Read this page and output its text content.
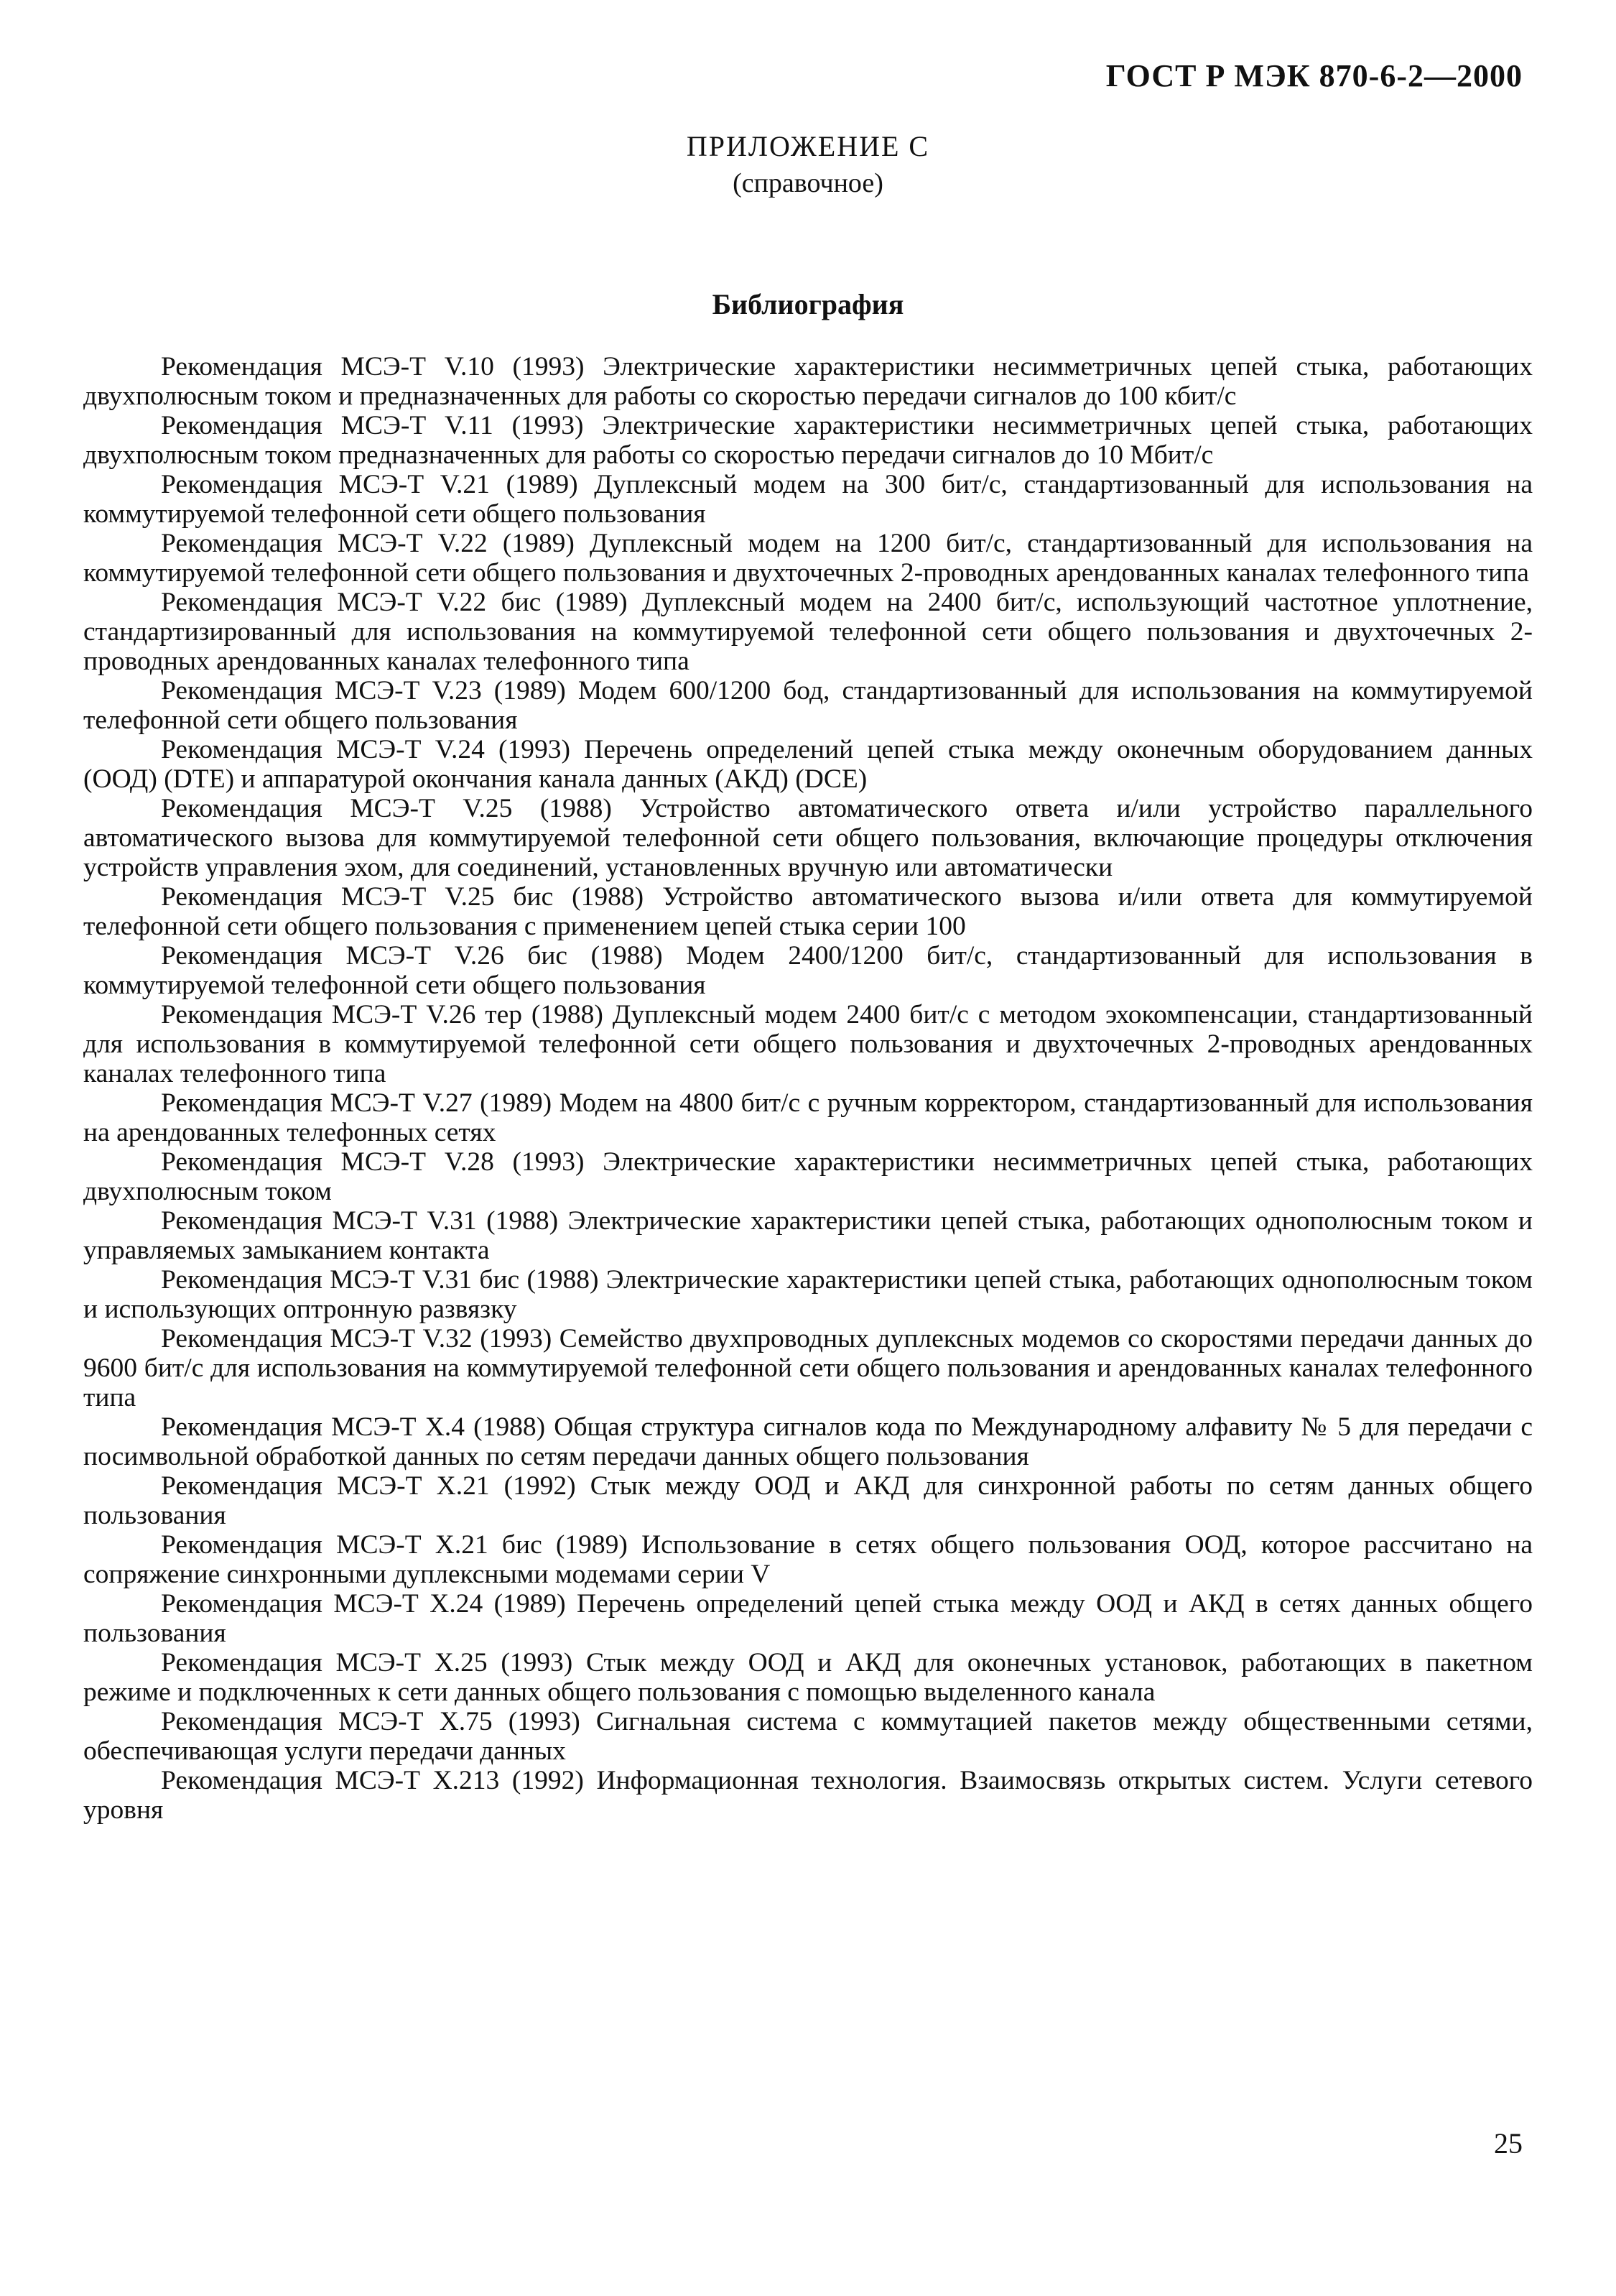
ГОСТ Р МЭК 870-6-2—2000
ПРИЛОЖЕНИЕ С
(справочное)
Библиография
Рекомендация МСЭ-Т V.10 (1993) Электрические характеристики несимметричных цепей стыка, работающих двухполюсным током и предназначенных для работы со скоростью передачи сигналов до 100 кбит/с
Рекомендация МСЭ-Т V.11 (1993) Электрические характеристики несимметричных цепей стыка, работающих двухполюсным током предназначенных для работы со скоростью передачи сигналов до 10 Мбит/с
Рекомендация МСЭ-Т V.21 (1989) Дуплексный модем на 300 бит/с, стандартизованный для использования на коммутируемой телефонной сети общего пользования
Рекомендация МСЭ-Т V.22 (1989) Дуплексный модем на 1200 бит/с, стандартизованный для использования на коммутируемой телефонной сети общего пользования и двухточечных 2-проводных арендованных каналах телефонного типа
Рекомендация МСЭ-Т V.22 бис (1989) Дуплексный модем на 2400 бит/с, использующий частотное уплотнение, стандартизированный для использования на коммутируемой телефонной сети общего пользования и двухточечных 2-проводных арендованных каналах телефонного типа
Рекомендация МСЭ-Т V.23 (1989) Модем 600/1200 бод, стандартизованный для использования на коммутируемой телефонной сети общего пользования
Рекомендация МСЭ-Т V.24 (1993) Перечень определений цепей стыка между оконечным оборудованием данных (ООД) (DTE) и аппаратурой окончания канала данных (АКД) (DCE)
Рекомендация МСЭ-Т V.25 (1988) Устройство автоматического ответа и/или устройство параллельного автоматического вызова для коммутируемой телефонной сети общего пользования, включающие процедуры отключения устройств управления эхом, для соединений, установленных вручную или автоматически
Рекомендация МСЭ-Т V.25 бис (1988) Устройство автоматического вызова и/или ответа для коммутируемой телефонной сети общего пользования с применением цепей стыка серии 100
Рекомендация МСЭ-Т V.26 бис (1988) Модем 2400/1200 бит/с, стандартизованный для использования в коммутируемой телефонной сети общего пользования
Рекомендация МСЭ-Т V.26 тер (1988) Дуплексный модем 2400 бит/с с методом эхокомпенсации, стандартизованный для использования в коммутируемой телефонной сети общего пользования и двухточечных 2-проводных арендованных каналах телефонного типа
Рекомендация МСЭ-Т V.27 (1989) Модем на 4800 бит/с с ручным корректором, стандартизованный для использования на арендованных телефонных сетях
Рекомендация МСЭ-Т V.28 (1993) Электрические характеристики несимметричных цепей стыка, работающих двухполюсным током
Рекомендация МСЭ-Т V.31 (1988) Электрические характеристики цепей стыка, работающих однополюсным током и управляемых замыканием контакта
Рекомендация МСЭ-Т V.31 бис (1988) Электрические характеристики цепей стыка, работающих однополюсным током и использующих оптронную развязку
Рекомендация МСЭ-Т V.32 (1993) Семейство двухпроводных дуплексных модемов со скоростями передачи данных до 9600 бит/с для использования на коммутируемой телефонной сети общего пользования и арендованных каналах телефонного типа
Рекомендация МСЭ-Т X.4 (1988) Общая структура сигналов кода по Международному алфавиту № 5 для передачи с посимвольной обработкой данных по сетям передачи данных общего пользования
Рекомендация МСЭ-Т X.21 (1992) Стык между ООД и АКД для синхронной работы по сетям данных общего пользования
Рекомендация МСЭ-Т X.21 бис (1989) Использование в сетях общего пользования ООД, которое рассчитано на сопряжение синхронными дуплексными модемами серии V
Рекомендация МСЭ-Т X.24 (1989) Перечень определений цепей стыка между ООД и АКД в сетях данных общего пользования
Рекомендация МСЭ-Т X.25 (1993) Стык между ООД и АКД для оконечных установок, работающих в пакетном режиме и подключенных к сети данных общего пользования с помощью выделенного канала
Рекомендация МСЭ-Т X.75 (1993) Сигнальная система с коммутацией пакетов между общественными сетями, обеспечивающая услуги передачи данных
Рекомендация МСЭ-Т X.213 (1992) Информационная технология. Взаимосвязь открытых систем. Услуги сетевого уровня
25
